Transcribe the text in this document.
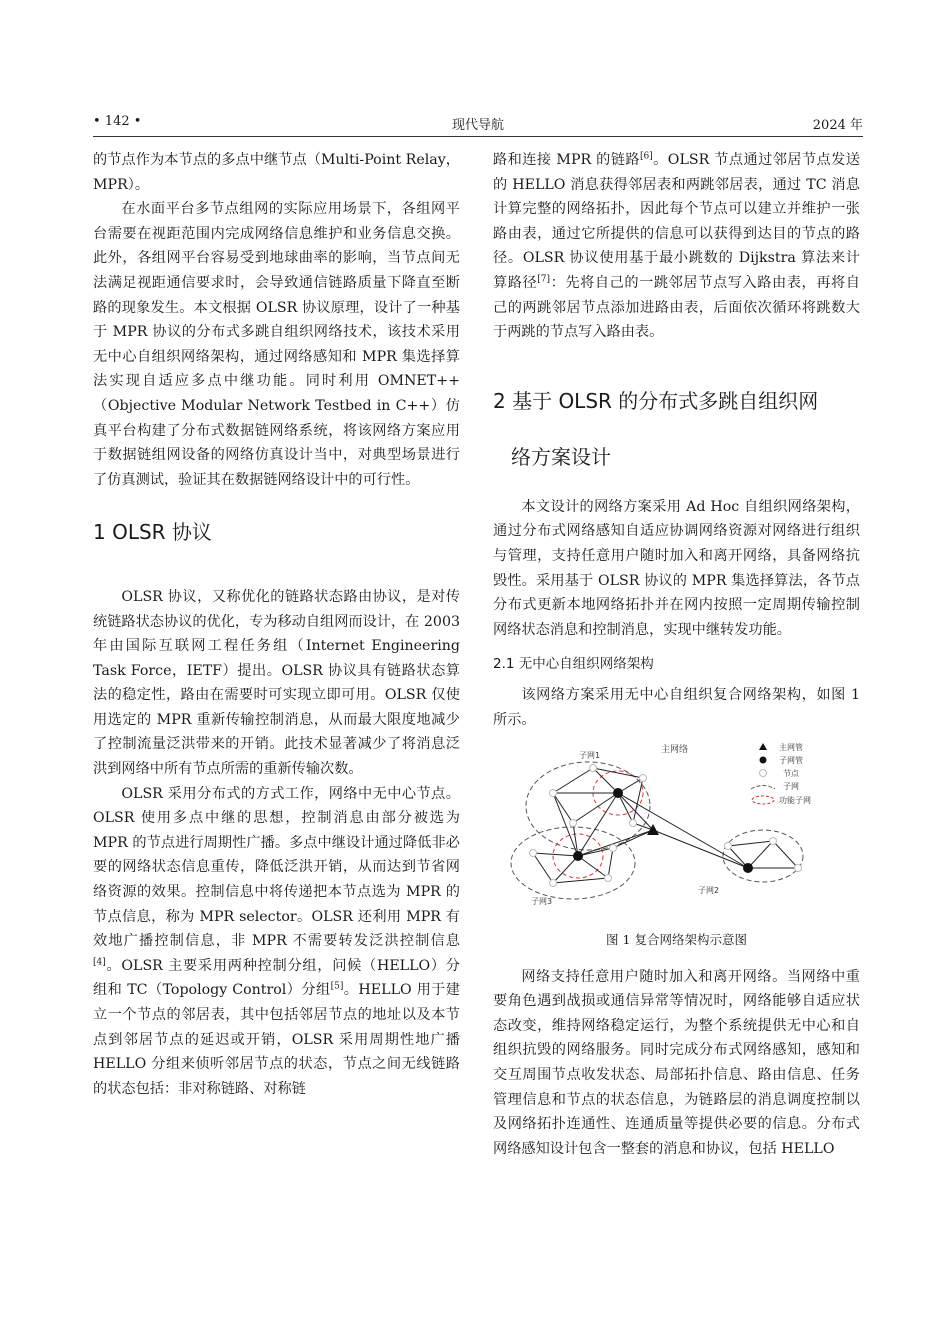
• 142 •	现代导航	2024 年

的节点作为本节点的多点中继节点（Multi-Point Relay，MPR）。

在水面平台多节点组网的实际应用场景下，各组网平台需要在视距范围内完成网络信息维护和业务信息交换。此外，各组网平台容易受到地球曲率的影响，当节点间无法满足视距通信要求时，会导致通信链路质量下降直至断路的现象发生。本文根据 OLSR 协议原理，设计了一种基于 MPR 协议的分布式多跳自组织网络技术，该技术采用无中心自组织网络架构，通过网络感知和 MPR 集选择算法实现自适应多点中继功能。同时利用 OMNET++（Objective Modular Network Testbed in C++）仿真平台构建了分布式数据链网络系统，将该网络方案应用于数据链组网设备的网络仿真设计当中，对典型场景进行了仿真测试，验证其在数据链网络设计中的可行性。

1 OLSR 协议

OLSR 协议，又称优化的链路状态路由协议，是对传统链路状态协议的优化，专为移动自组网而设计，在 2003 年由国际互联网工程任务组（Internet Engineering Task Force，IETF）提出。OLSR 协议具有链路状态算法的稳定性，路由在需要时可实现立即可用。OLSR 仅使用选定的 MPR 重新传输控制消息，从而最大限度地减少了控制流量泛洪带来的开销。此技术显著减少了将消息泛洪到网络中所有节点所需的重新传输次数。

OLSR 采用分布式的方式工作，网络中无中心节点。OLSR 使用多点中继的思想，控制消息由部分被选为 MPR 的节点进行周期性广播。多点中继设计通过降低非必要的网络状态信息重传，降低泛洪开销，从而达到节省网络资源的效果。控制信息中将传递把本节点选为 MPR 的节点信息，称为 MPR selector。OLSR 还利用 MPR 有效地广播控制信息，非 MPR 不需要转发泛洪控制信息[4]。OLSR 主要采用两种控制分组，问候（HELLO）分组和 TC（Topology Control）分组[5]。HELLO 用于建立一个节点的邻居表，其中包括邻居节点的地址以及本节点到邻居节点的延迟或开销，OLSR 采用周期性地广播 HELLO 分组来侦听邻居节点的状态，节点之间无线链路的状态包括：非对称链路、对称链

路和连接 MPR 的链路[6]。OLSR 节点通过邻居节点发送的 HELLO 消息获得邻居表和两跳邻居表，通过 TC 消息计算完整的网络拓扑，因此每个节点可以建立并维护一张路由表，通过它所提供的信息可以获得到达目的节点的路径。OLSR 协议使用基于最小跳数的 Dijkstra 算法来计算路径[7]：先将自己的一跳邻居节点写入路由表，再将自己的两跳邻居节点添加进路由表，后面依次循环将跳数大于两跳的节点写入路由表。

2 基于 OLSR 的分布式多跳自组织网
络方案设计

本文设计的网络方案采用 Ad Hoc 自组织网络架构，通过分布式网络感知自适应协调网络资源对网络进行组织与管理，支持任意用户随时加入和离开网络，具备网络抗毁性。采用基于 OLSR 协议的 MPR 集选择算法，各节点分布式更新本地网络拓扑并在网内按照一定周期传输控制网络状态消息和控制消息，实现中继转发功能。

2.1 无中心自组织网络架构

该网络方案采用无中心自组织复合网络架构，如图 1 所示。

主网络
子网1
子网2
子网3
主网管
子网管
节点
子网
功能子网
图 1 复合网络架构示意图

网络支持任意用户随时加入和离开网络。当网络中重要角色遇到战损或通信异常等情况时，网络能够自适应状态改变，维持网络稳定运行，为整个系统提供无中心和自组织抗毁的网络服务。同时完成分布式网络感知，感知和交互周围节点收发状态、局部拓扑信息、路由信息、任务管理信息和节点的状态信息，为链路层的消息调度控制以及网络拓扑连通性、连通质量等提供必要的信息。分布式网络感知设计包含一整套的消息和协议，包括 HELLO
